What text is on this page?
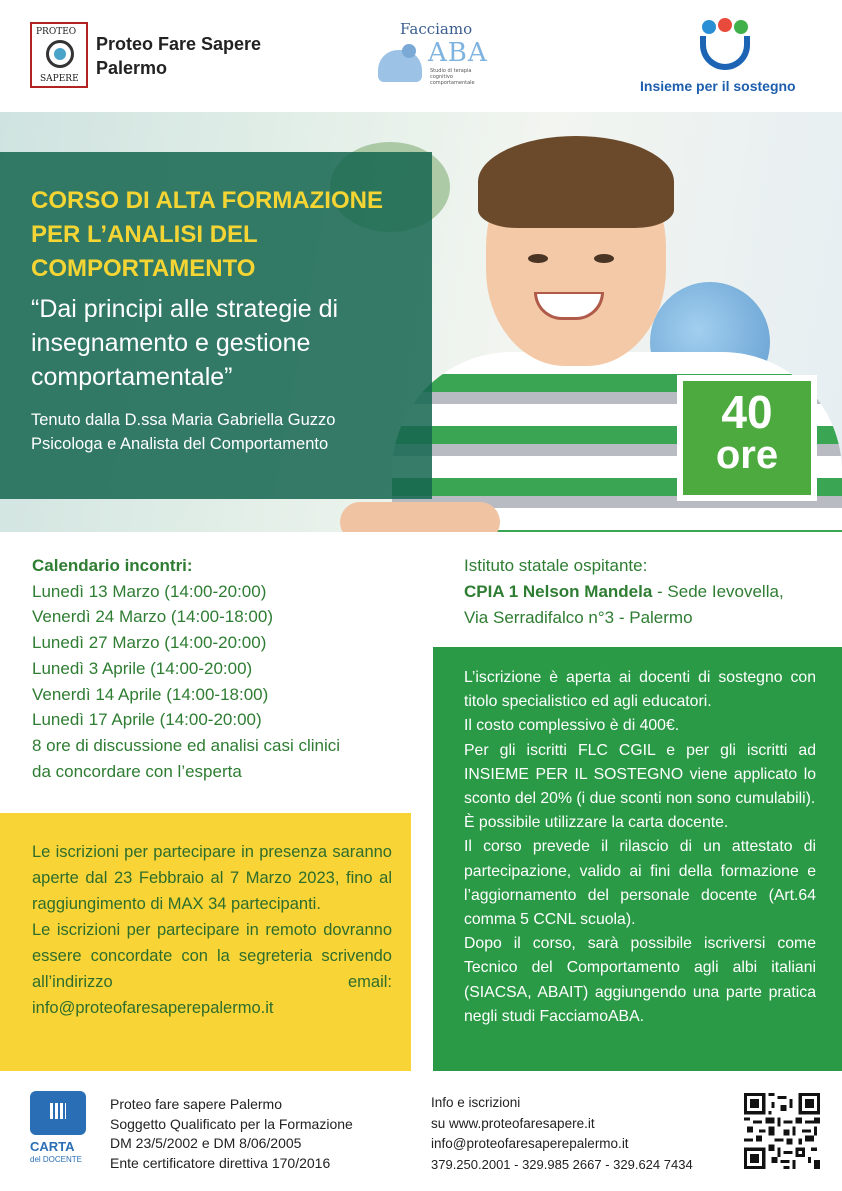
PROTEO
SAPERE
Proteo Fare Sapere
Palermo
Facciamo
ABA
Studio di terapia cognitivo comportamentale	Insieme per il sostegno
CORSO DI ALTA FORMAZIONE PER L’ANALISI DEL COMPORTAMENTO
“Dai principi alle strategie di insegnamento e gestione comportamentale”
Tenuto dalla D.ssa Maria Gabriella Guzzo
Psicologa e Analista del Comportamento
40
ore
Calendario incontri:
Lunedì 13 Marzo (14:00-20:00)
Venerdì 24 Marzo (14:00-18:00)
Lunedì 27 Marzo (14:00-20:00)
Lunedì 3 Aprile (14:00-20:00)
Venerdì 14 Aprile (14:00-18:00)
Lunedì 17 Aprile (14:00-20:00)
8 ore di discussione ed analisi casi clinici
da concordare con l’esperta
Istituto statale ospitante:
CPIA 1 Nelson Mandela - Sede Ievovella,
Via Serradifalco n°3 - Palermo

Le iscrizioni per partecipare in presenza saranno aperte dal 23 Febbraio al 7 Marzo 2023, fino al raggiungimento di MAX 34 partecipanti.

Le iscrizioni per partecipare in remoto dovranno essere concordate con la segreteria scrivendo all’indirizzo email: info@proteofaresaperepalermo.it

L’iscrizione è aperta ai docenti di sostegno con titolo specialistico ed agli educatori.

Il costo complessivo è di 400€.

Per gli iscritti FLC CGIL e per gli iscritti ad INSIEME PER IL SOSTEGNO viene applicato lo sconto del 20% (i due sconti non sono cumulabili).

È possibile utilizzare la carta docente.

Il corso prevede il rilascio di un attestato di partecipazione, valido ai fini della formazione e l’aggiornamento del personale docente (Art.64 comma 5 CCNL scuola).

Dopo il corso, sarà possibile iscriversi come Tecnico del Comportamento agli albi italiani (SIACSA, ABAIT) aggiungendo una parte pratica negli studi FacciamoABA.

CARTA
del DOCENTE
Proteo fare sapere Palermo
Soggetto Qualificato per la Formazione
DM 23/5/2002 e DM 8/06/2005
Ente certificatore direttiva 170/2016
Info e iscrizioni
su www.proteofaresapere.it
info@proteofaresaperepalermo.it
379.250.2001 - 329.985 2667 - 329.624 7434
